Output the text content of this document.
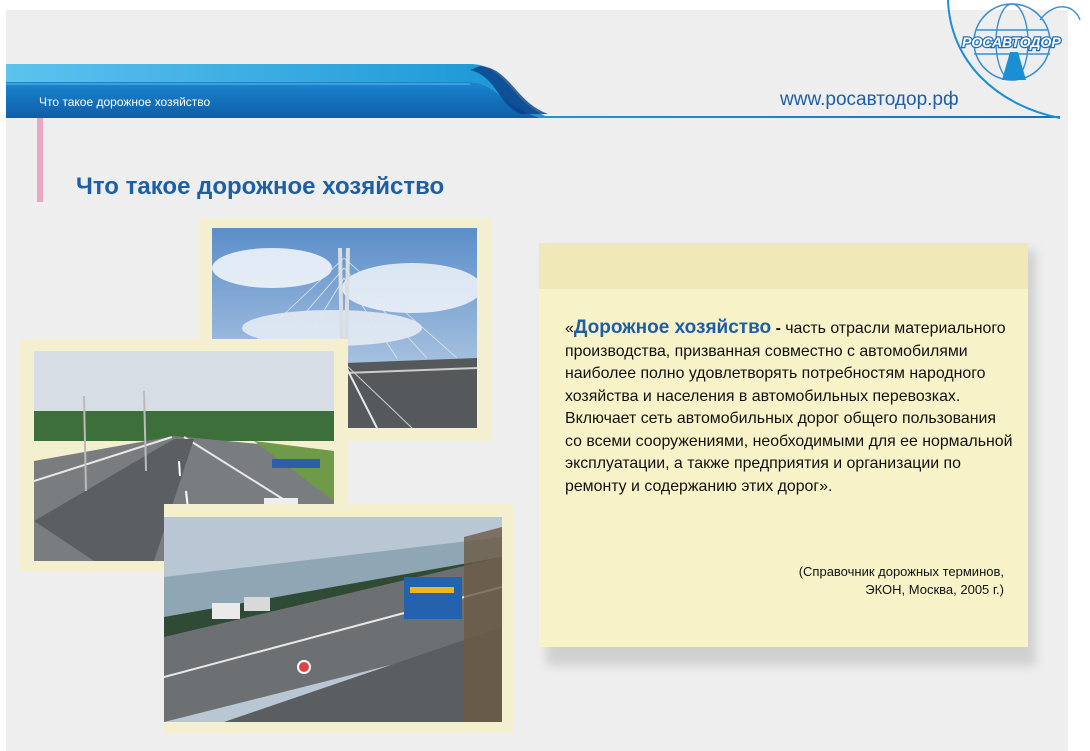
Что такое дорожное хозяйство	www.росавтодор.рф
РОСАВТОДОР
Что такое дорожное хозяйство
«Дорожное хозяйство - часть отрасли материального производства, призванная совместно с автомобилями наиболее полно удовлетворять потребностям народного хозяйства и населения в автомобильных перевозках. Включает сеть автомобильных дорог общего пользования со всеми сооружениями, необходимыми для ее нормальной эксплуатации, а также предприятия и организации по ремонту и содержанию этих дорог».
(Справочник дорожных терминов,
ЭКОН, Москва, 2005 г.)
